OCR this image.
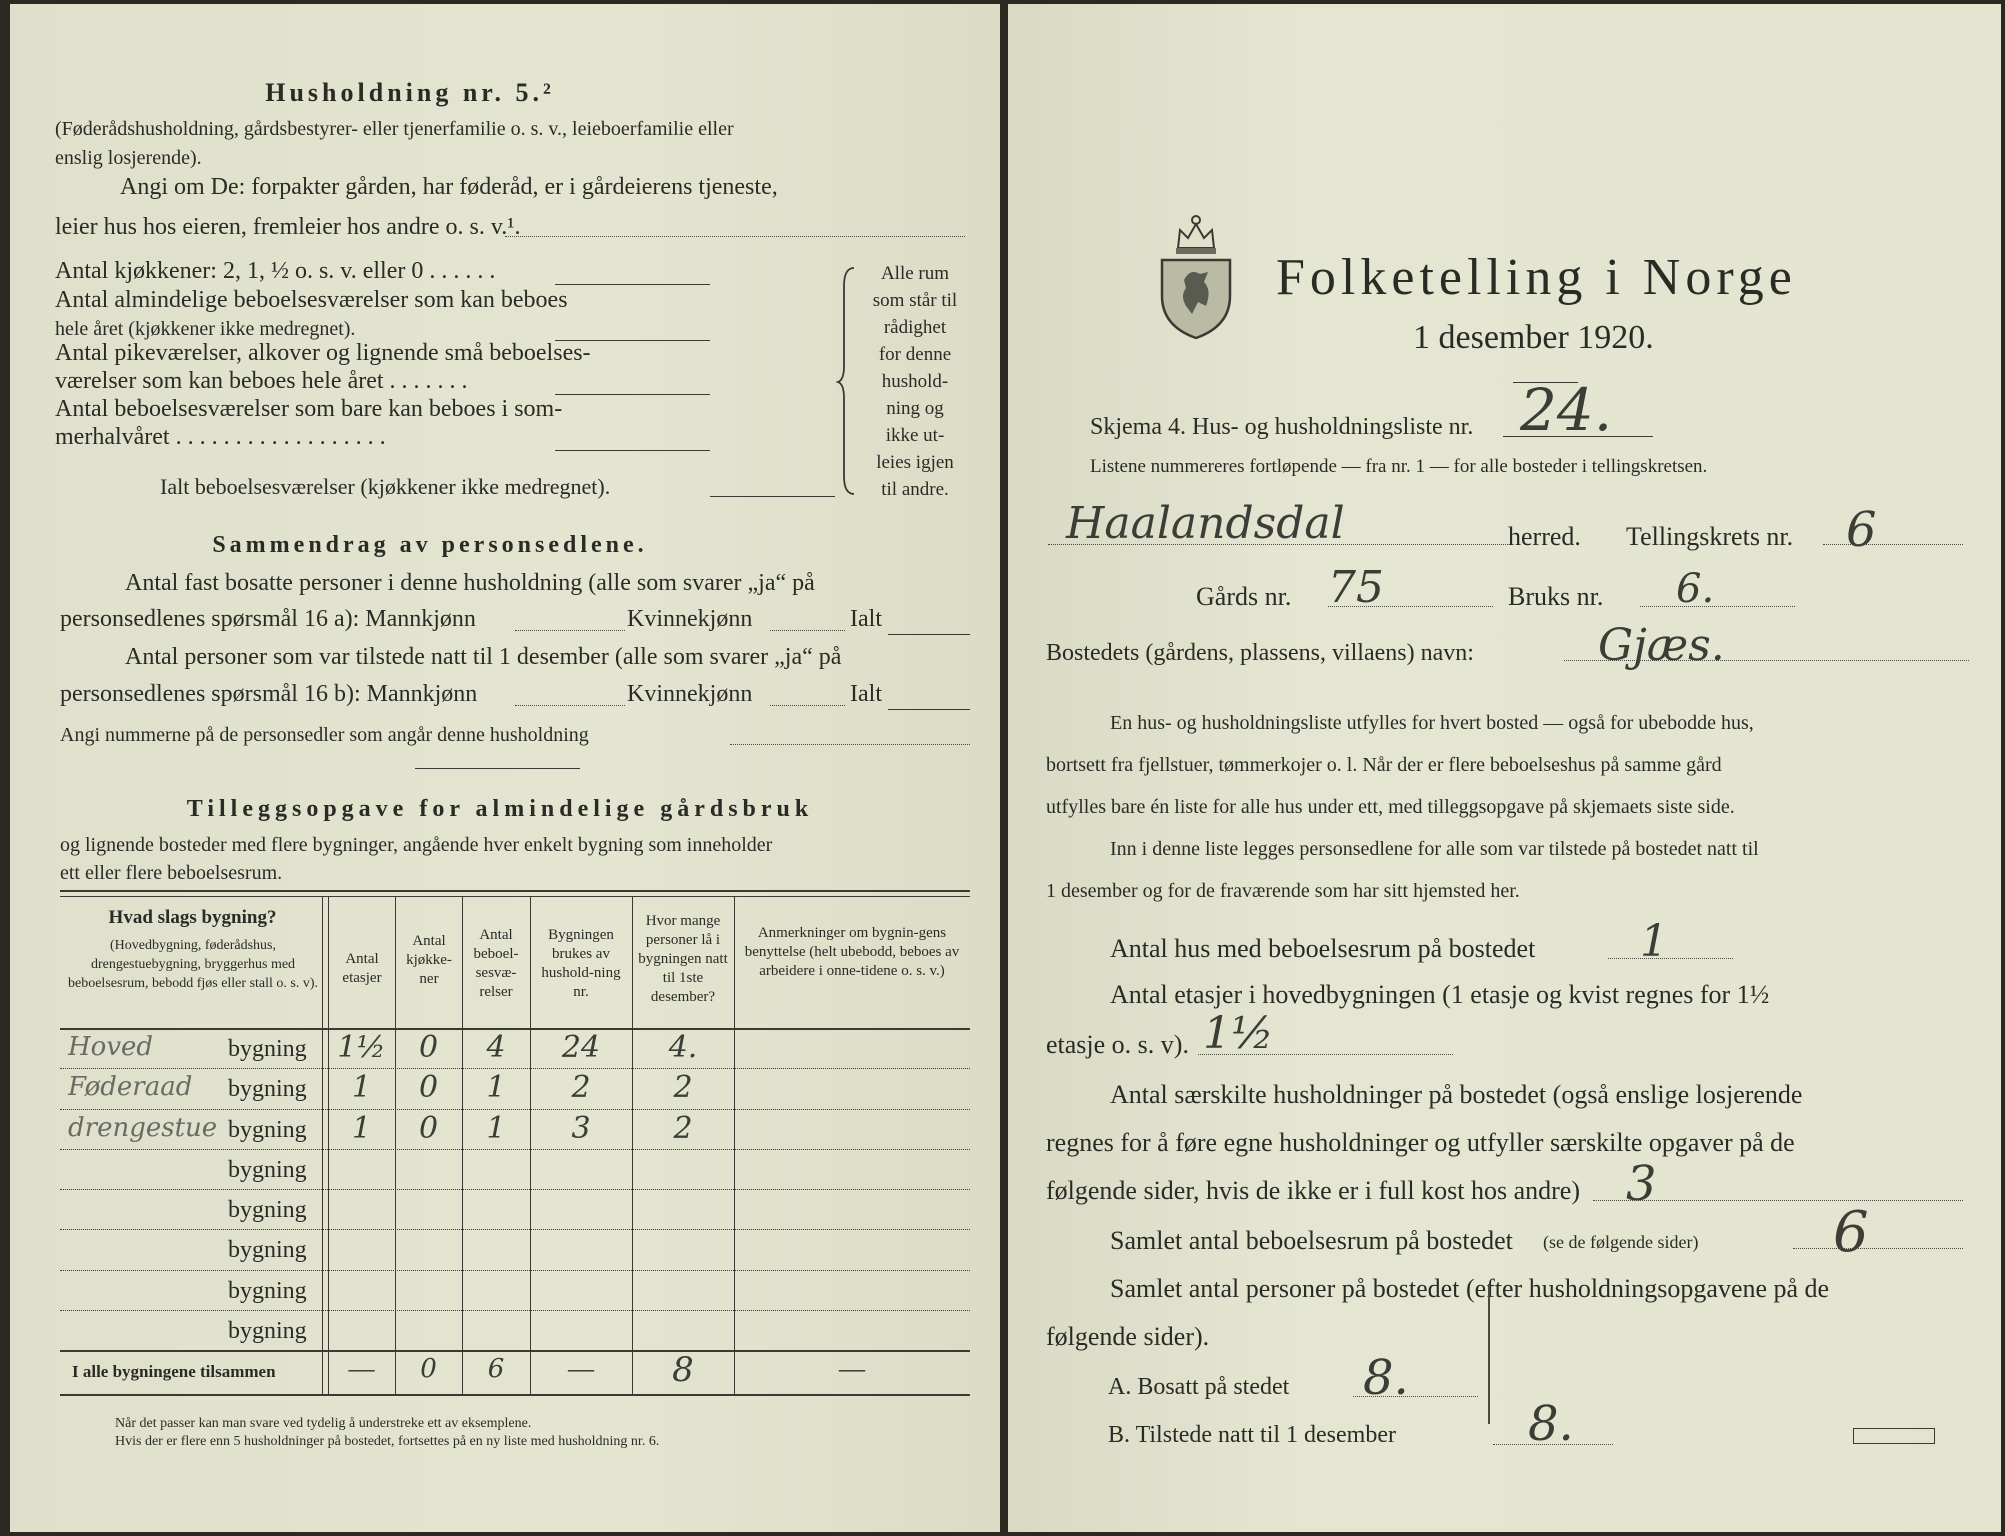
Husholdning nr. 5.²
(Føderådshusholdning, gårdsbestyrer- eller tjenerfamilie o. s. v., leieboerfamilie eller
enslig losjerende).
Angi om De: forpakter gården, har føderåd, er i gårdeierens tjeneste,
leier hus hos eieren, fremleier hos andre o. s. v.¹.
Antal kjøkkener: 2, 1, ½ o. s. v. eller 0 . . . . . .
Antal almindelige beboelsesværelser som kan beboes
hele året (kjøkkener ikke medregnet).
Antal pikeværelser, alkover og lignende små beboelses-
værelser som kan beboes hele året . . . . . . .
Antal beboelsesværelser som bare kan beboes i som-
merhalvåret . . . . . . . . . . . . . . . . . .
Alle rum
som står til
rådighet
for denne
hushold-
ning og
ikke ut-
leies igjen
til andre.
Ialt beboelsesværelser (kjøkkener ikke medregnet).
Sammendrag av personsedlene.
Antal fast bosatte personer i denne husholdning (alle som svarer „ja“ på
personsedlenes spørsmål 16 a): Mannkjønn	Kvinnekjønn	Ialt
Antal personer som var tilstede natt til 1 desember (alle som svarer „ja“ på
personsedlenes spørsmål 16 b): Mannkjønn	Kvinnekjønn	Ialt
Angi nummerne på de personsedler som angår denne husholdning
Tilleggsopgave for almindelige gårdsbruk
og lignende bosteder med flere bygninger, angående hver enkelt bygning som inneholder
ett eller flere beboelsesrum.
Hvad slags bygning?
(Hovedbygning, føderådshus, drengestuebygning, bryggerhus med beboelsesrum, bebodd fjøs eller stall o. s. v).
Antal etasjer
Antal kjøkke-ner
Antal beboel-sesvæ-relser
Bygningen brukes av hushold-ning nr.
Hvor mange personer lå i bygningen natt til 1ste desember?
Anmerkninger om bygnin-gens benyttelse (helt ubebodd, beboes av arbeidere i onne-tidene o. s. v.)
Hoved	bygning	1½	0	4	24	4.
Føderaad bygning	1	0	1	2	2
drengestue bygning	1	0	1	3	2
bygning
bygning
bygning
bygning
bygning
I alle bygningene tilsammen	—	0	6	—	8	—
Når det passer kan man svare ved tydelig å understreke ett av eksemplene.
Hvis der er flere enn 5 husholdninger på bostedet, fortsettes på en ny liste med husholdning nr. 6.
Folketelling i Norge
1 desember 1920.
Skjema 4. Hus- og husholdningsliste nr. 24.
Listene nummereres fortløpende — fra nr. 1 — for alle bosteder i tellingskretsen.
Haalandsdal	herred. Tellingskrets nr. 6
Gårds nr. 75	Bruks nr. 6.
Bostedets (gårdens, plassens, villaens) navn:	Gjæs.
En hus- og husholdningsliste utfylles for hvert bosted — også for ubebodde hus,
bortsett fra fjellstuer, tømmerkojer o. l. Når der er flere beboelseshus på samme gård
utfylles bare én liste for alle hus under ett, med tilleggsopgave på skjemaets siste side.
Inn i denne liste legges personsedlene for alle som var tilstede på bostedet natt til
1 desember og for de fraværende som har sitt hjemsted her.
Antal hus med beboelsesrum på bostedet 1
Antal etasjer i hovedbygningen (1 etasje og kvist regnes for 1½
etasje o. s. v). 1½
Antal særskilte husholdninger på bostedet (også enslige losjerende
regnes for å føre egne husholdninger og utfyller særskilte opgaver på de
følgende sider, hvis de ikke er i full kost hos andre) 3
Samlet antal beboelsesrum på bostedet (se de følgende sider) 6
Samlet antal personer på bostedet (efter husholdningsopgavene på de
følgende sider).
A. Bosatt på stedet 8.
B. Tilstede natt til 1 desember	8.
